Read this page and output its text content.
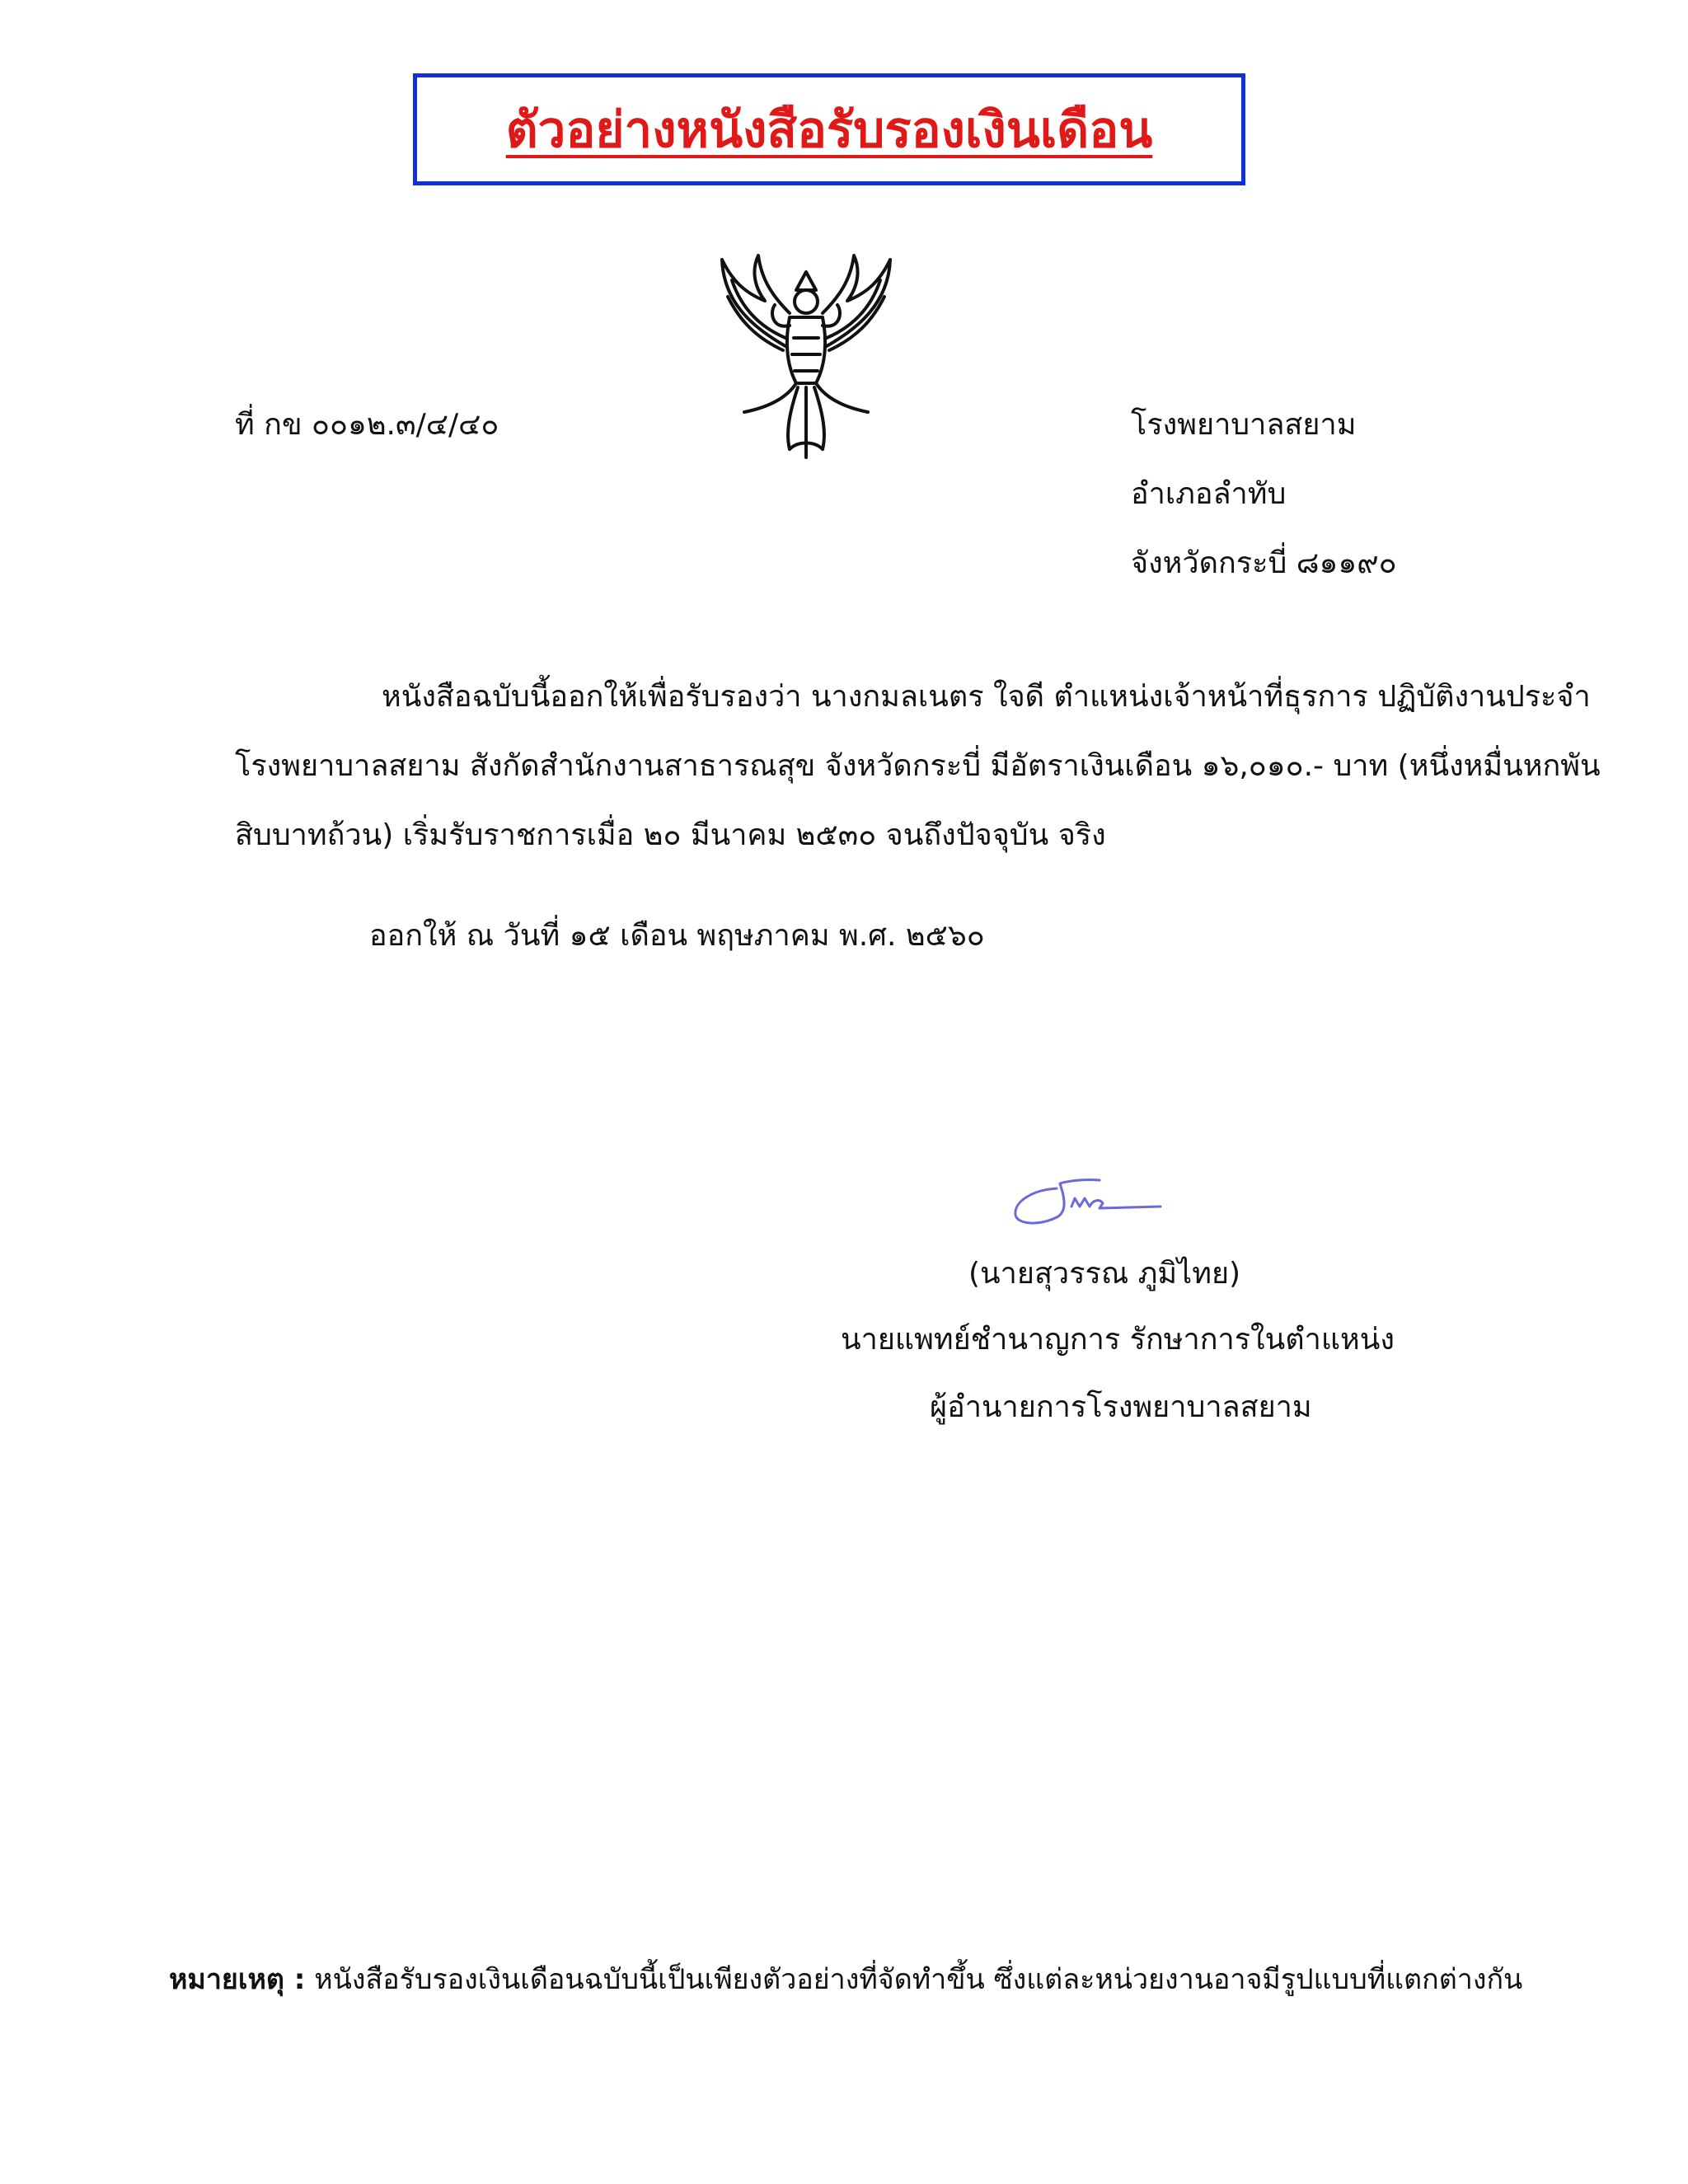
ตัวอย่างหนังสือรับรองเงินเดือน
ที่ กข ๐๐๑๒.๓/๔/๔๐	โรงพยาบาลสยาม
อำเภอลำทับ
จังหวัดกระบี่ ๘๑๑๙๐
หนังสือฉบับนี้ออกให้เพื่อรับรองว่า นางกมลเนตร ใจดี ตำแหน่งเจ้าหน้าที่ธุรการ ปฏิบัติงานประจำ
โรงพยาบาลสยาม สังกัดสำนักงานสาธารณสุข จังหวัดกระบี่ มีอัตราเงินเดือน ๑๖,๐๑๐.- บาท (หนึ่งหมื่นหกพัน
สิบบาทถ้วน) เริ่มรับราชการเมื่อ ๒๐ มีนาคม ๒๕๓๐ จนถึงปัจจุบัน จริง
ออกให้ ณ วันที่ ๑๕ เดือน พฤษภาคม พ.ศ. ๒๕๖๐
(นายสุวรรณ ภูมิไทย)
นายแพทย์ชำนาญการ รักษาการในตำแหน่ง
ผู้อำนายการโรงพยาบาลสยาม
หมายเหตุ : หนังสือรับรองเงินเดือนฉบับนี้เป็นเพียงตัวอย่างที่จัดทำขึ้น ซึ่งแต่ละหน่วยงานอาจมีรูปแบบที่แตกต่างกัน
